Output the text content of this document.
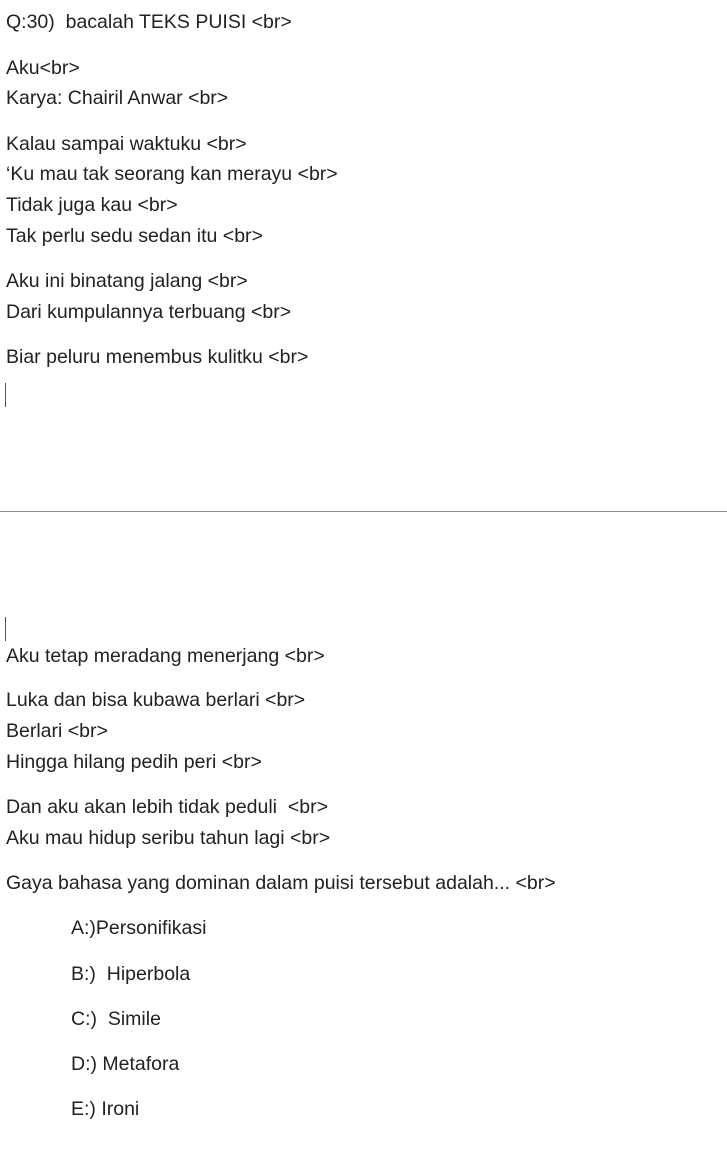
Q:30)  bacalah TEKS PUISI <br>
Aku<br>
Karya: Chairil Anwar <br>
Kalau sampai waktuku <br>
‘Ku mau tak seorang kan merayu <br>
Tidak juga kau <br>
Tak perlu sedu sedan itu <br>
Aku ini binatang jalang <br>
Dari kumpulannya terbuang <br>
Biar peluru menembus kulitku <br>
Aku tetap meradang menerjang <br>
Luka dan bisa kubawa berlari <br>
Berlari <br>
Hingga hilang pedih peri <br>
Dan aku akan lebih tidak peduli  <br>
Aku mau hidup seribu tahun lagi <br>
Gaya bahasa yang dominan dalam puisi tersebut adalah... <br>
A:)Personifikasi
B:)  Hiperbola
C:)  Simile
D:) Metafora
E:) Ironi
